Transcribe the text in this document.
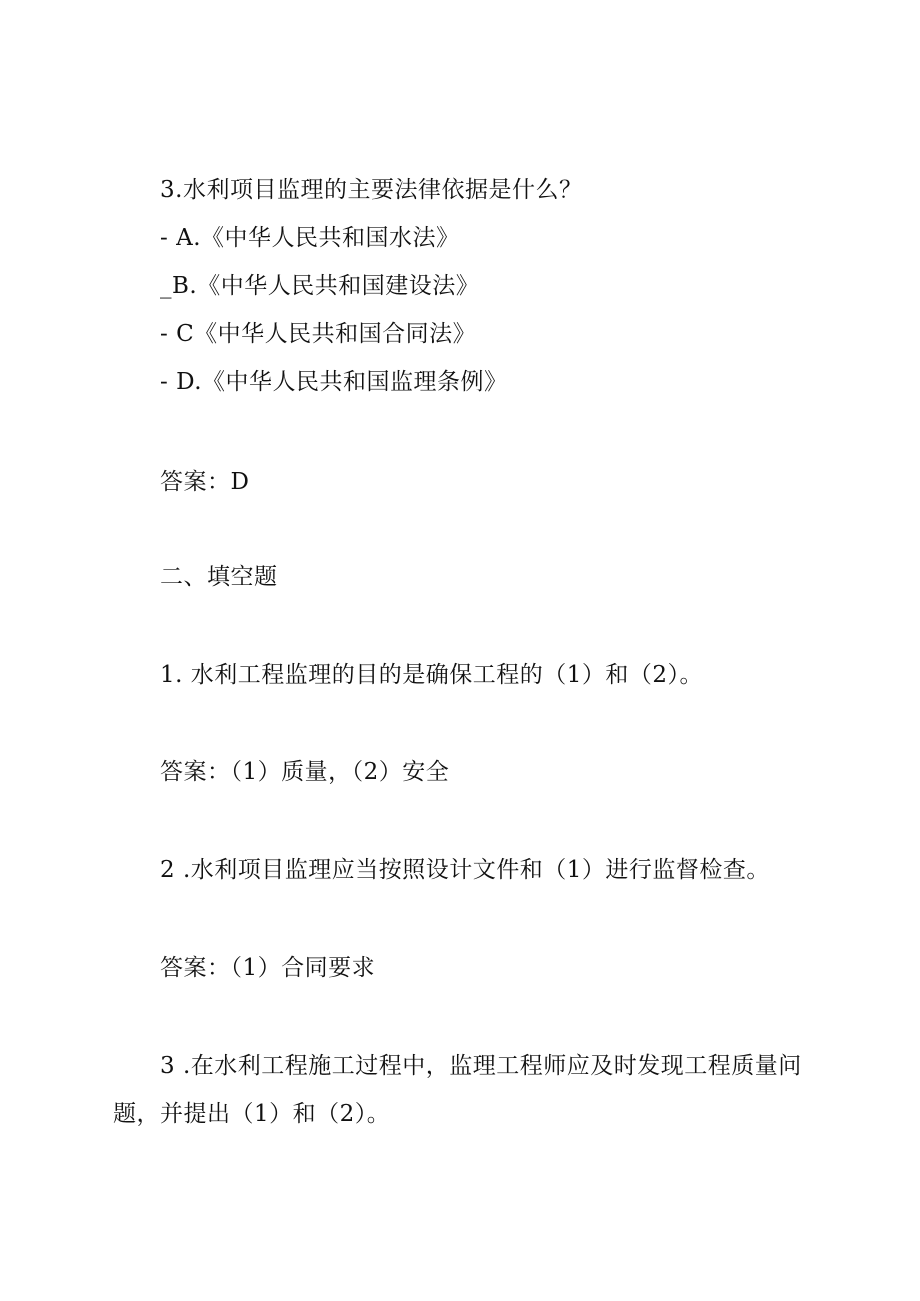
3.水利项目监理的主要法律依据是什么？
- A.《中华人民共和国水法》
_B.《中华人民共和国建设法》
- C《中华人民共和国合同法》
- D.《中华人民共和国监理条例》
答案：D
二、填空题
1. 水利工程监理的目的是确保工程的（1）和（2）。
答案：（1）质量，（2）安全
2 .水利项目监理应当按照设计文件和（1）进行监督检查。
答案：（1）合同要求
3 .在水利工程施工过程中，监理工程师应及时发现工程质量问
题，并提出（1）和（2）。
